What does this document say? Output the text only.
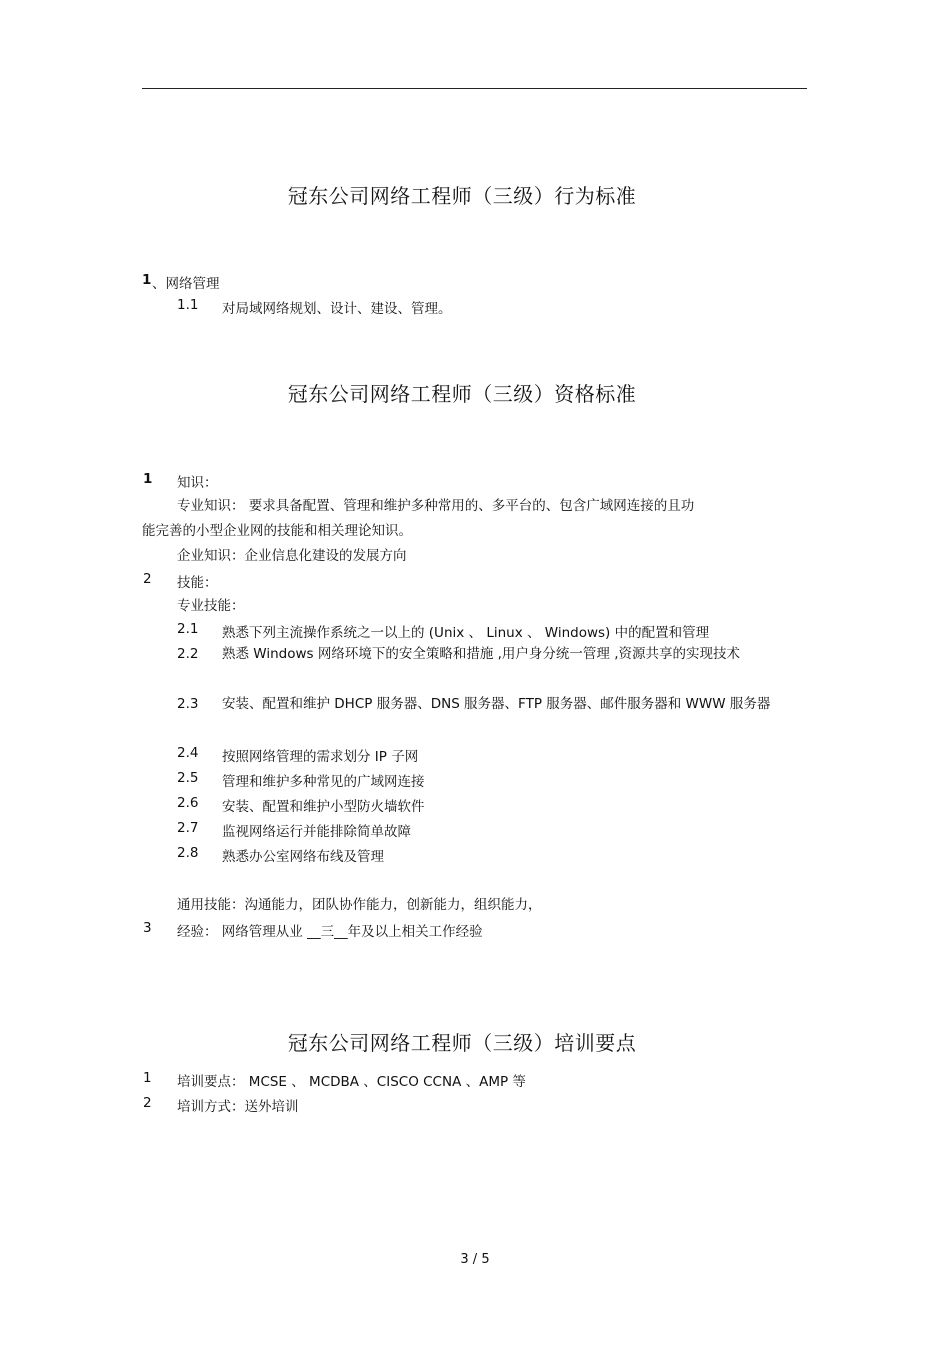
冠东公司网络工程师（三级）行为标准
1 、网络管理
1.1 对局域网络规划、设计、建设、管理。
冠东公司网络工程师（三级）资格标准
1 知识：
专业知识： 要求具备配置、管理和维护多种常用的、多平台的、包含广域网连接的且功
能完善的小型企业网的技能和相关理论知识。
企业知识：企业信息化建设的发展方向
2 技能：
专业技能：
2.1 熟悉下列主流操作系统之一以上的 (Unix 、 Linux 、 Windows) 中的配置和管理
2.2 熟悉 Windows 网络环境下的安全策略和措施 ,用户身分统一管理 ,资源共享的实现技术
2.3 安装、配置和维护 DHCP 服务器、DNS 服务器、FTP 服务器、邮件服务器和 WWW 服务器
2.4 按照网络管理的需求划分 IP 子网
2.5 管理和维护多种常见的广域网连接
2.6 安装、配置和维护小型防火墙软件
2.7 监视网络运行并能排除简单故障
2.8 熟悉办公室网络布线及管理
通用技能：沟通能力，团队协作能力，创新能力，组织能力，
3 经验： 网络管理从业 __三__年及以上相关工作经验
冠东公司网络工程师（三级）培训要点
1 培训要点： MCSE 、 MCDBA 、CISCO CCNA 、AMP 等
2 培训方式：送外培训
3 / 5
